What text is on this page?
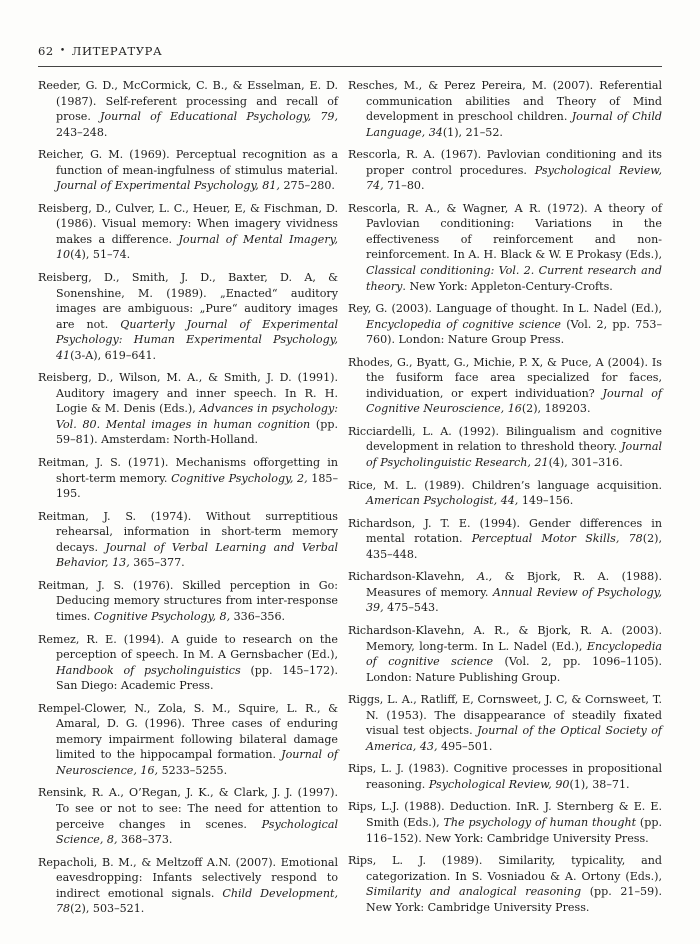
62 • ЛИТЕРАТУРА

Reeder, G. D., McCormick, C. B., & Esselman, E. D. (1987). Self-referent processing and recall of prose. Journal of Educational Psychology, 79, 243–248.

Reicher, G. M. (1969). Perceptual recognition as a function of mean-ingfulness of stimulus material. Journal of Experimental Psychology, 81, 275–280.

Reisberg, D., Culver, L. C., Heuer, E, & Fischman, D. (1986). Visual memory: When imagery vividness makes a difference. Journal of Mental Imagery, 10(4), 51–74.

Reisberg, D., Smith, J. D., Baxter, D. A, & Sonenshine, M. (1989). „Enacted“ auditory images are ambiguous: „Pure“ auditory images are not. Quarterly Journal of Experimental Psychology: Human Experimental Psychology, 41(3-A), 619–641.

Reisberg, D., Wilson, M. A., & Smith, J. D. (1991). Auditory imagery and inner speech. In R. H. Logie & M. Denis (Eds.), Advances in psychology: Vol. 80. Mental images in human cognition (pp. 59–81). Amsterdam: North-Holland.

Reitman, J. S. (1971). Mechanisms offorgetting in short-term memory. Cognitive Psychology, 2, 185–195.

Reitman, J. S. (1974). Without surreptitious rehearsal, information in short-term memory decays. Journal of Verbal Learning and Verbal Behavior, 13, 365–377.

Reitman, J. S. (1976). Skilled perception in Go: Deducing memory structures from inter-response times. Cognitive Psychology, 8, 336–356.

Remez, R. E. (1994). A guide to research on the perception of speech. In M. A Gernsbacher (Ed.), Handbook of psycholinguistics (pp. 145–172). San Diego: Academic Press.

Rempel-Clower, N., Zola, S. M., Squire, L. R., & Amaral, D. G. (1996). Three cases of enduring memory impairment following bilateral damage limited to the hippocampal formation. Journal of Neuroscience, 16, 5233–5255.

Rensink, R. A., O’Regan, J. K., & Clark, J. J. (1997). To see or not to see: The need for attention to perceive changes in scenes. Psychological Science, 8, 368–373.

Repacholi, B. M., & Meltzoff A.N. (2007). Emotional eavesdropping: Infants selectively respond to indirect emotional signals. Child Development, 78(2), 503–521.

Resches, M., & Perez Pereira, M. (2007). Referential communication abilities and Theory of Mind development in preschool children. Journal of Child Language, 34(1), 21–52.

Rescorla, R. A. (1967). Pavlovian conditioning and its proper control procedures. Psychological Review, 74, 71–80.

Rescorla, R. A., & Wagner, A R. (1972). A theory of Pavlovian conditioning: Variations in the effectiveness of reinforcement and non-reinforcement. In A. H. Black & W. E Prokasy (Eds.), Classical conditioning: Vol. 2. Current research and theory. New York: Appleton-Century-Crofts.

Rey, G. (2003). Language of thought. In L. Nadel (Ed.), Encyclopedia of cognitive science (Vol. 2, pp. 753–760). London: Nature Group Press.

Rhodes, G., Byatt, G., Michie, P. X, & Puce, A (2004). Is the fusiform face area specialized for faces, individuation, or expert individuation? Journal of Cognitive Neuroscience, 16(2), 189203.

Ricciardelli, L. A. (1992). Bilingualism and cognitive development in relation to threshold theory. Journal of Psycholinguistic Research, 21(4), 301–316.

Rice, M. L. (1989). Children’s language acquisition. American Psychologist, 44, 149–156.

Richardson, J. T. E. (1994). Gender differences in mental rotation. Perceptual Motor Skills, 78(2), 435–448.

Richardson-Klavehn, A., & Bjork, R. A. (1988). Measures of memory. Annual Review of Psychology, 39, 475–543.

Richardson-Klavehn, A. R., & Bjork, R. A. (2003). Memory, long-term. In L. Nadel (Ed.), Encyclopedia of cognitive science (Vol. 2, pp. 1096–1105). London: Nature Publishing Group.

Riggs, L. A., Ratliff, E, Cornsweet, J. C, & Cornsweet, T. N. (1953). The disappearance of steadily fixated visual test objects. Journal of the Optical Society of America, 43, 495–501.

Rips, L. J. (1983). Cognitive processes in propositional reasoning. Psychological Review, 90(1), 38–71.

Rips, L.J. (1988). Deduction. InR. J. Sternberg & E. E. Smith (Eds.), The psychology of human thought (pp. 116–152). New York: Cambridge University Press.

Rips, L. J. (1989). Similarity, typicality, and categorization. In S. Vosniadou & A. Ortony (Eds.), Similarity and analogical reasoning (pp. 21–59). New York: Cambridge University Press.
